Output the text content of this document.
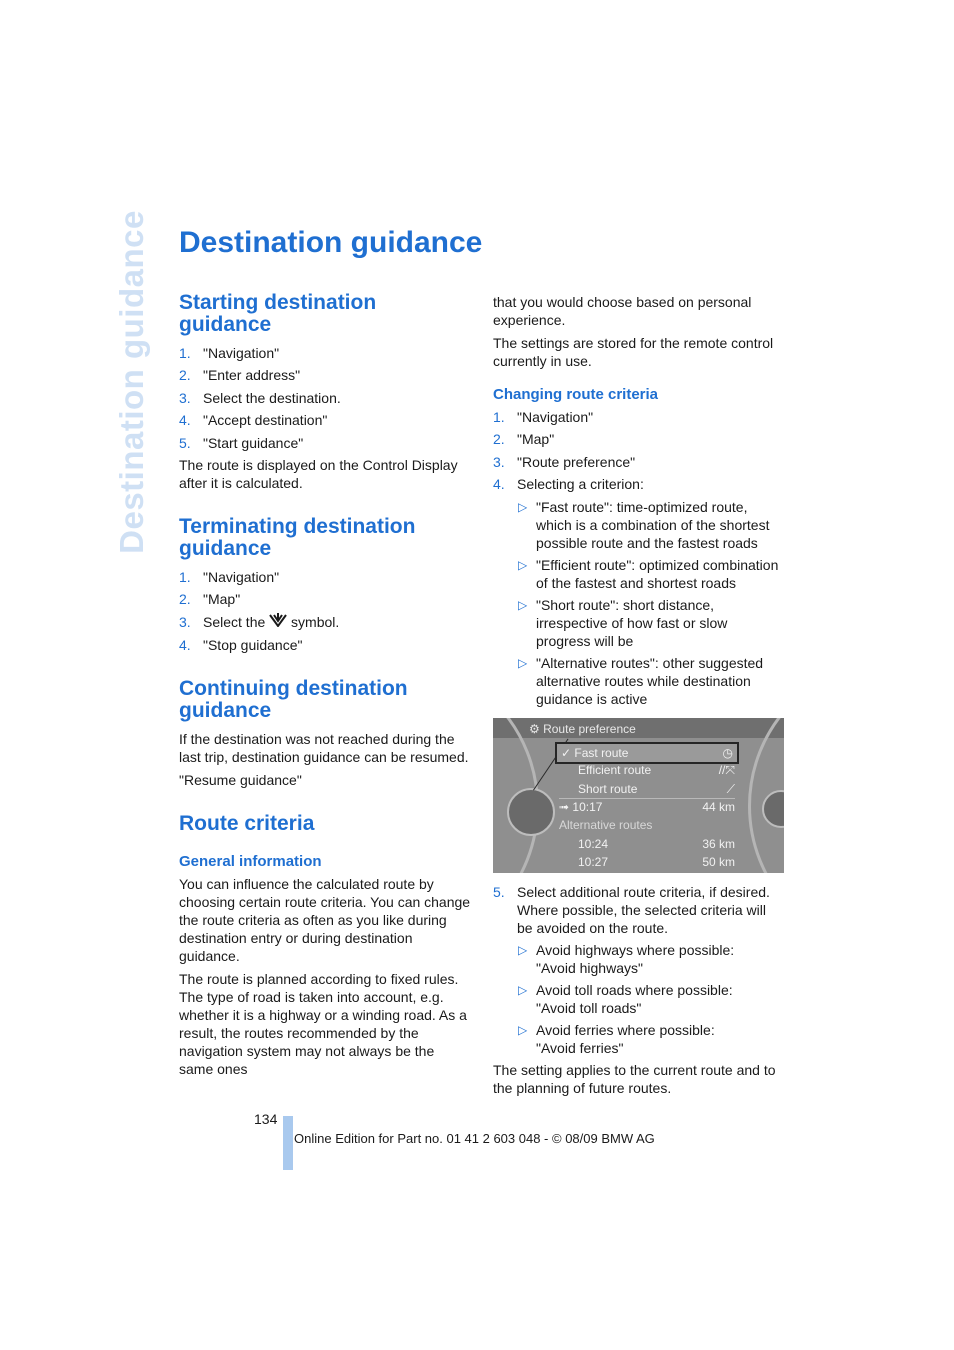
Destination guidance Destination guidance
Starting destination
guidance
1. "Navigation"
2. "Enter address"
3. Select the destination.
4. "Accept destination"
5. "Start guidance"

The route is displayed on the Control Display after it is calculated.

Terminating destination
guidance
1. "Navigation"
2. "Map"
3. Select the symbol.
4. "Stop guidance"
Continuing destination
guidance

If the destination was not reached during the last trip, destination guidance can be resumed.

"Resume guidance"

Route criteria
General information

You can influence the calculated route by choosing certain route criteria. You can change the route criteria as often as you like during destination entry or during destination guidance.

The route is planned according to fixed rules. The type of road is taken into account, e.g. whether it is a highway or a winding road. As a result, the routes recommended by the navigation system may not always be the same ones

that you would choose based on personal experience.

The settings are stored for the remote control currently in use.

Changing route criteria
1. "Navigation"
2. "Map"
3. "Route preference"
4. Selecting a criterion:
▷ "Fast route": time-optimized route, which is a combination of the shortest possible route and the fastest roads
▷ "Efficient route": optimized combination of the fastest and shortest roads
▷ "Short route": short distance, irrespective of how fast or slow progress will be
▷ "Alternative routes": other suggested alternative routes while destination guidance is active
⚙ Route preference
✓ Fast route	◷
Efficient route	//⤧
Short route	⟋
➟ 10:17	44 km
Alternative routes
10:24	36 km
10:27	50 km
5. Select additional route criteria, if desired. Where possible, the selected criteria will be avoided on the route.
▷ Avoid highways where possible:
"Avoid highways"
▷ Avoid toll roads where possible:
"Avoid toll roads"
▷ Avoid ferries where possible:
"Avoid ferries"

The setting applies to the current route and to the planning of future routes.

134
Online Edition for Part no. 01 41 2 603 048 - © 08/09 BMW AG
